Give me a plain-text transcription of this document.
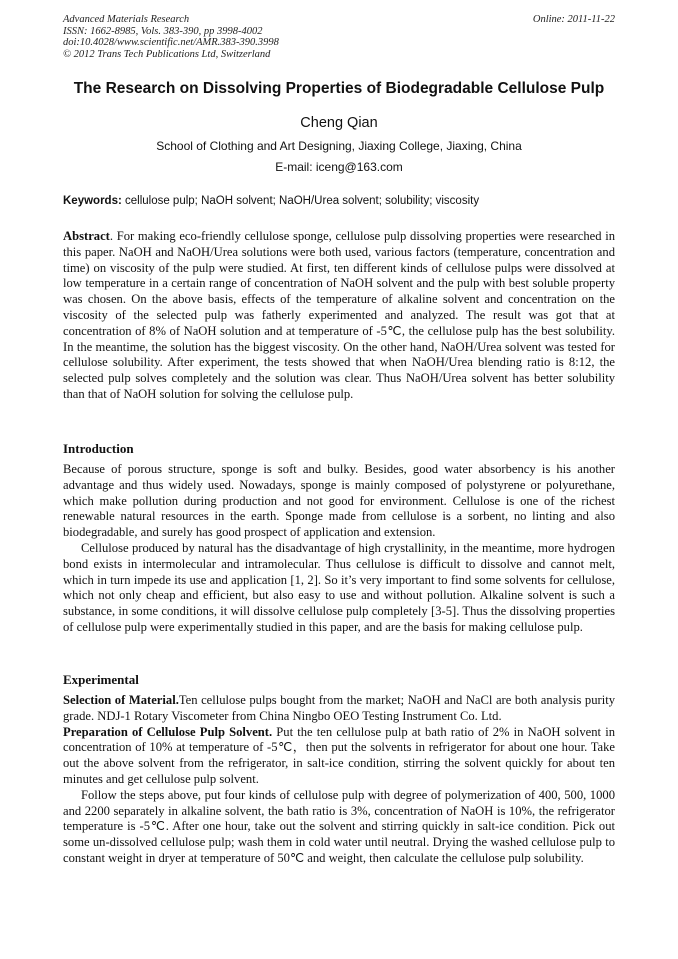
Advanced Materials Research
ISSN: 1662-8985, Vols. 383-390, pp 3998-4002
doi:10.4028/www.scientific.net/AMR.383-390.3998
© 2012 Trans Tech Publications Ltd, Switzerland
Online: 2011-11-22
The Research on Dissolving Properties of Biodegradable Cellulose Pulp
Cheng Qian
School of Clothing and Art Designing, Jiaxing College, Jiaxing, China
E-mail: iceng@163.com
Keywords: cellulose pulp; NaOH solvent; NaOH/Urea solvent; solubility; viscosity

Abstract. For making eco-friendly cellulose sponge, cellulose pulp dissolving properties were researched in this paper. NaOH and NaOH/Urea solutions were both used, various factors (temperature, concentration and time) on viscosity of the pulp were studied. At first, ten different kinds of cellulose pulps were dissolved at low temperature in a certain range of concentration of NaOH solvent and the pulp with best soluble property was chosen. On the above basis, effects of the temperature of alkaline solvent and concentration on the viscosity of the selected pulp was fatherly experimented and analyzed. The result was got that at concentration of 8% of NaOH solution and at temperature of -5℃, the cellulose pulp has the best solubility. In the meantime, the solution has the biggest viscosity. On the other hand, NaOH/Urea solvent was tested for cellulose solubility. After experiment, the tests showed that when NaOH/Urea blending ratio is 8:12, the selected pulp solves completely and the solution was clear. Thus NaOH/Urea solvent has better solubility than that of NaOH solution for solving the cellulose pulp.

Introduction

Because of porous structure, sponge is soft and bulky. Besides, good water absorbency is his another advantage and thus widely used. Nowadays, sponge is mainly composed of polystyrene or polyurethane, which make pollution during production and not good for environment. Cellulose is one of the richest renewable natural resources in the earth. Sponge made from cellulose is a sorbent, no linting and also biodegradable, and surely has good prospect of application and extension.

Cellulose produced by natural has the disadvantage of high crystallinity, in the meantime, more hydrogen bond exists in intermolecular and intramolecular. Thus cellulose is difficult to dissolve and cannot melt, which in turn impede its use and application [1, 2]. So it’s very important to find some solvents for cellulose, which not only cheap and efficient, but also easy to use and without pollution. Alkaline solvent is such a substance, in some conditions, it will dissolve cellulose pulp completely [3-5]. Thus the dissolving properties of cellulose pulp were experimentally studied in this paper, and are the basis for making cellulose pulp.

Experimental

Selection of Material.Ten cellulose pulps bought from the market; NaOH and NaCl are both analysis purity grade. NDJ-1 Rotary Viscometer from China Ningbo OEO Testing Instrument Co. Ltd.

Preparation of Cellulose Pulp Solvent. Put the ten cellulose pulp at bath ratio of 2% in NaOH solvent in concentration of 10% at temperature of -5℃，then put the solvents in refrigerator for about one hour. Take out the above solvent from the refrigerator, in salt-ice condition, stirring the solvent quickly for about ten minutes and get cellulose pulp solvent.

Follow the steps above, put four kinds of cellulose pulp with degree of polymerization of 400, 500, 1000 and 2200 separately in alkaline solvent, the bath ratio is 3%, concentration of NaOH is 10%, the refrigerator temperature is -5℃. After one hour, take out the solvent and stirring quickly in salt-ice condition. Pick out some un-dissolved cellulose pulp; wash them in cold water until neutral. Drying the washed cellulose pulp to constant weight in dryer at temperature of 50℃ and weight, then calculate the cellulose pulp solubility.
